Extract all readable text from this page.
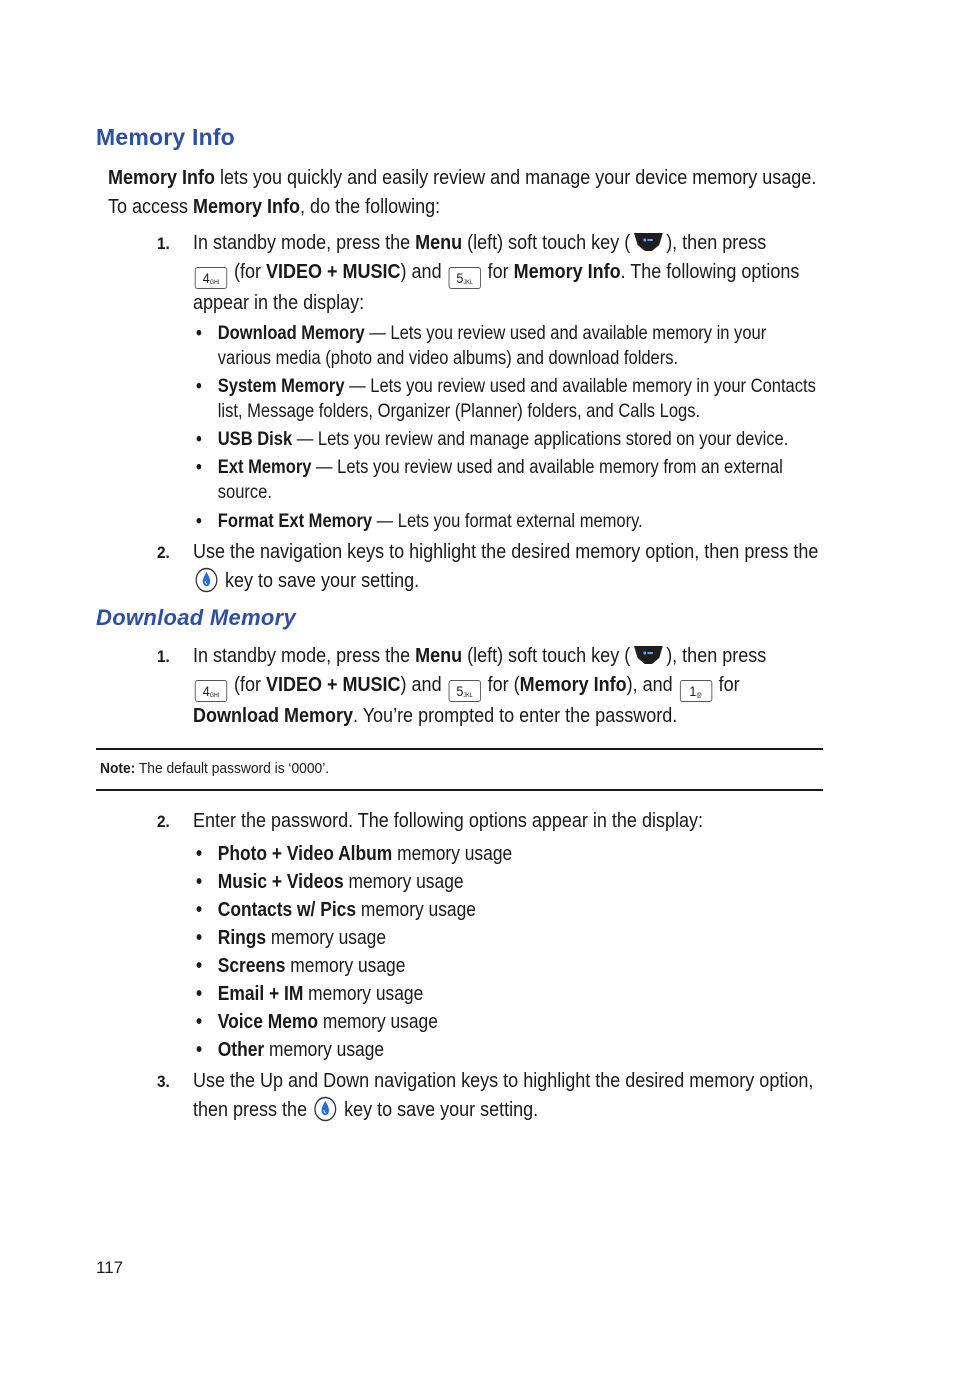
Memory Info

Memory Info lets you quickly and easily review and manage your device memory usage. To access Memory Info, do the following:

1. In standby mode, press the Menu (left) soft touch key ( ), then press
4GHI (for VIDEO + MUSIC) and 5JKL for Memory Info. The following options appear in the display:
• Download Memory — Lets you review used and available memory in your various media (photo and video albums) and download folders.
• System Memory — Lets you review used and available memory in your Contacts list, Message folders, Organizer (Planner) folders, and Calls Logs.
• USB Disk — Lets you review and manage applications stored on your device.
• Ext Memory — Lets you review used and available memory from an external source.
• Format Ext Memory — Lets you format external memory.
2. Use the navigation keys to highlight the desired memory option, then press the  key to save your setting.
Download Memory
1. In standby mode, press the Menu (left) soft touch key ( ), then press
4GHI (for VIDEO + MUSIC) and 5JKL for (Memory Info), and 1@ for
Download Memory. You’re prompted to enter the password.
Note: The default password is ‘0000’.
2. Enter the password. The following options appear in the display:
• Photo + Video Album memory usage
• Music + Videos memory usage
• Contacts w/ Pics memory usage
• Rings memory usage
• Screens memory usage
• Email + IM memory usage
• Voice Memo memory usage
• Other memory usage
3. Use the Up and Down navigation keys to highlight the desired memory option, then press the  key to save your setting.
117
